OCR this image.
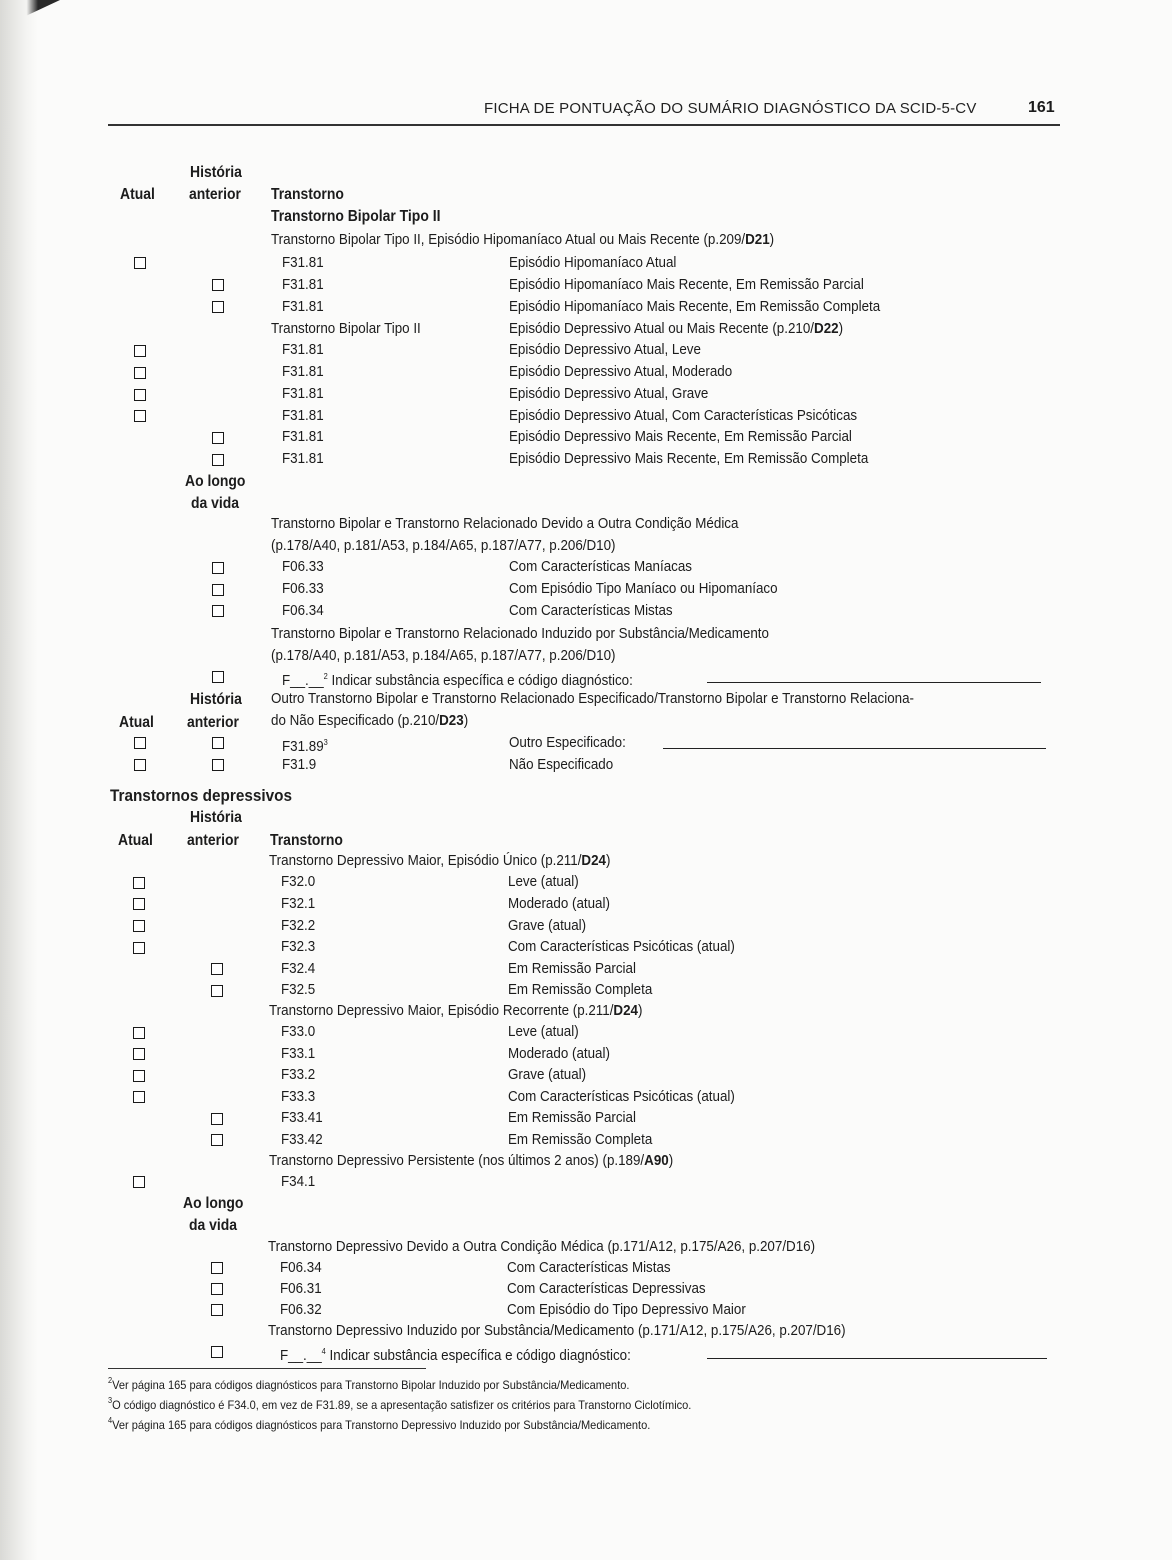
FICHA DE PONTUAÇÃO DO SUMÁRIO DIAGNÓSTICO DA SCID-5-CV	161
História
Atual anterior Transtorno
Transtorno Bipolar Tipo II
Transtorno Bipolar Tipo II, Episódio Hipomaníaco Atual ou Mais Recente (p.209/D21)
F31.81	Episódio Hipomaníaco Atual
F31.81	Episódio Hipomaníaco Mais Recente, Em Remissão Parcial
F31.81	Episódio Hipomaníaco Mais Recente, Em Remissão Completa
Transtorno Bipolar Tipo II	Episódio Depressivo Atual ou Mais Recente (p.210/D22)
F31.81	Episódio Depressivo Atual, Leve
F31.81	Episódio Depressivo Atual, Moderado
F31.81	Episódio Depressivo Atual, Grave
F31.81	Episódio Depressivo Atual, Com Características Psicóticas
F31.81	Episódio Depressivo Mais Recente, Em Remissão Parcial
F31.81	Episódio Depressivo Mais Recente, Em Remissão Completa
Ao longo
da vida
Transtorno Bipolar e Transtorno Relacionado Devido a Outra Condição Médica
(p.178/A40, p.181/A53, p.184/A65, p.187/A77, p.206/D10)
F06.33	Com Características Maníacas
F06.33	Com Episódio Tipo Maníaco ou Hipomaníaco
F06.34	Com Características Mistas
Transtorno Bipolar e Transtorno Relacionado Induzido por Substância/Medicamento
(p.178/A40, p.181/A53, p.184/A65, p.187/A77, p.206/D10)
F__.__$^2$ Indicar substância específica e código diagnóstico:
História
Atual anterior
Outro Transtorno Bipolar e Transtorno Relacionado Especificado/Transtorno Bipolar e Transtorno Relaciona-
do Não Especificado (p.210/D23)
F31.89$^3$	Outro Especificado:
F31.9	Não Especificado
Transtornos depressivos
História
Atual anterior Transtorno
Transtorno Depressivo Maior, Episódio Único (p.211/D24)
F32.0	Leve (atual)
F32.1	Moderado (atual)
F32.2	Grave (atual)
F32.3	Com Características Psicóticas (atual)
F32.4	Em Remissão Parcial
F32.5	Em Remissão Completa
Transtorno Depressivo Maior, Episódio Recorrente (p.211/D24)
F33.0	Leve (atual)
F33.1	Moderado (atual)
F33.2	Grave (atual)
F33.3	Com Características Psicóticas (atual)
F33.41	Em Remissão Parcial
F33.42	Em Remissão Completa
Transtorno Depressivo Persistente (nos últimos 2 anos) (p.189/A90)
F34.1
Ao longo
da vida
Transtorno Depressivo Devido a Outra Condição Médica (p.171/A12, p.175/A26, p.207/D16)
F06.34	Com Características Mistas
F06.31	Com Características Depressivas
F06.32	Com Episódio do Tipo Depressivo Maior
Transtorno Depressivo Induzido por Substância/Medicamento (p.171/A12, p.175/A26, p.207/D16)
F__.__$^4$ Indicar substância específica e código diagnóstico:
$^2$Ver página 165 para códigos diagnósticos para Transtorno Bipolar Induzido por Substância/Medicamento.
$^3$O código diagnóstico é F34.0, em vez de F31.89, se a apresentação satisfizer os critérios para Transtorno Ciclotímico.
$^4$Ver página 165 para códigos diagnósticos para Transtorno Depressivo Induzido por Substância/Medicamento.
